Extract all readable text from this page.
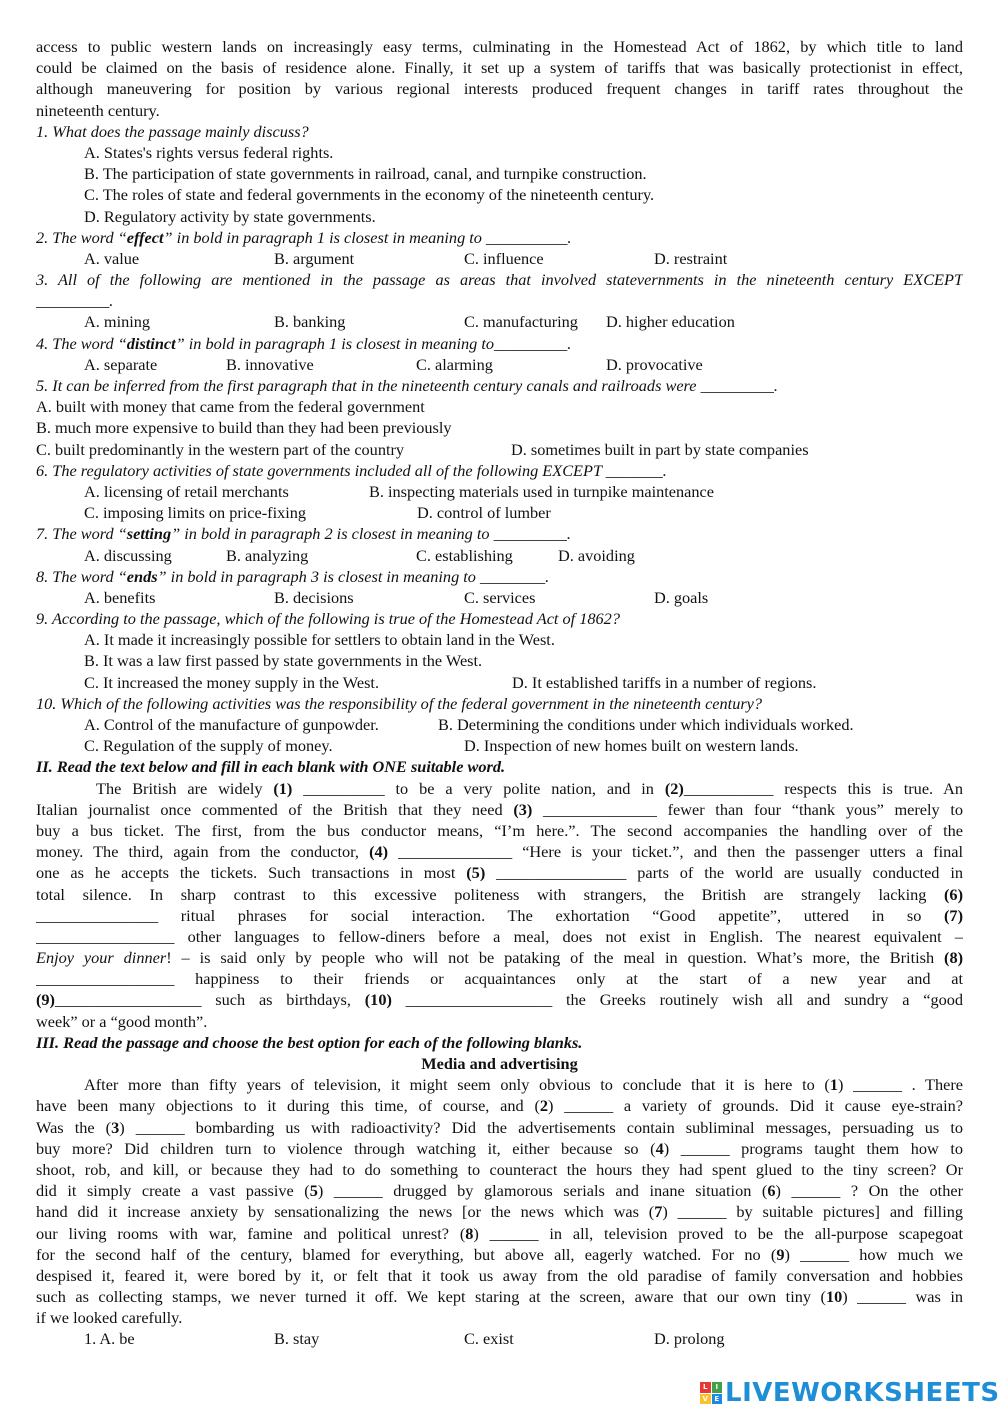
access to public western lands on increasingly easy terms, culminating in the Homestead Act of 1862, by which title to land
could be claimed on the basis of residence alone. Finally, it set up a system of tariffs that was basically protectionist in effect,
although maneuvering for position by various regional interests produced frequent changes in tariff rates throughout the
nineteenth century.
1. What does the passage mainly discuss?
A. States's rights versus federal rights.
B. The participation of state governments in railroad, canal, and turnpike construction.
C. The roles of state and federal governments in the economy of the nineteenth century.
D. Regulatory activity by state governments.
2. The word “effect” in bold in paragraph 1 is closest in meaning to __________.
A. value	B. argument	C. influence	D. restraint
3. All of the following are mentioned in the passage as areas that involved statevernments in the nineteenth century EXCEPT
_________.
A. mining	B. banking	C. manufacturing D. higher education
4. The word “distinct” in bold in paragraph 1 is closest in meaning to_________.
A. separate	B. innovative	C. alarming	D. provocative
5. It can be inferred from the first paragraph that in the nineteenth century canals and railroads were _________.
A. built with money that came from the federal government
B. much more expensive to build than they had been previously
C. built predominantly in the western part of the country	D. sometimes built in part by state companies
6. The regulatory activities of state governments included all of the following EXCEPT _______.
A. licensing of retail merchants	B. inspecting materials used in turnpike maintenance
C. imposing limits on price-fixing	D. control of lumber
7. The word “setting” in bold in paragraph 2 is closest in meaning to _________.
A. discussing	B. analyzing	C. establishing	D. avoiding
8. The word “ends” in bold in paragraph 3 is closest in meaning to ________.
A. benefits	B. decisions	C. services	D. goals
9. According to the passage, which of the following is true of the Homestead Act of 1862?
A. It made it increasingly possible for settlers to obtain land in the West.
B. It was a law first passed by state governments in the West.
C. It increased the money supply in the West.	D. It established tariffs in a number of regions.
10. Which of the following activities was the responsibility of the federal government in the nineteenth century?
A. Control of the manufacture of gunpowder.	B. Determining the conditions under which individuals worked.
C. Regulation of the supply of money.	D. Inspection of new homes built on western lands.
II. Read the text below and fill in each blank with ONE suitable word.
The British are widely (1) __________ to be a very polite nation, and in (2)___________ respects this is true. An
Italian journalist once commented of the British that they need (3) ______________ fewer than four “thank yous” merely to
buy a bus ticket. The first, from the bus conductor means, “I’m here.”. The second accompanies the handling over of the
money. The third, again from the conductor, (4) ______________ “Here is your ticket.”, and then the passenger utters a final
one as he accepts the tickets. Such transactions in most (5) ________________ parts of the world are usually conducted in
total silence. In sharp contrast to this excessive politeness with strangers, the British are strangely lacking (6)
_______________ ritual phrases for social interaction. The exhortation “Good appetite”, uttered in so (7)
_________________ other languages to fellow-diners before a meal, does not exist in English. The nearest equivalent –
Enjoy your dinner! – is said only by people who will not be pataking of the meal in question. What’s more, the British (8)
_________________ happiness to their friends or acquaintances only at the start of a new year and at
(9)__________________ such as birthdays, (10) __________________ the Greeks routinely wish all and sundry a “good
week” or a “good month”.
III. Read the passage and choose the best option for each of the following blanks.
Media and advertising
After more than fifty years of television, it might seem only obvious to conclude that it is here to (1) ______ . There
have been many objections to it during this time, of course, and (2) ______ a variety of grounds. Did it cause eye-strain?
Was the (3) ______ bombarding us with radioactivity? Did the advertisements contain subliminal messages, persuading us to
buy more? Did children turn to violence through watching it, either because so (4) ______ programs taught them how to
shoot, rob, and kill, or because they had to do something to counteract the hours they had spent glued to the tiny screen? Or
did it simply create a vast passive (5) ______ drugged by glamorous serials and inane situation (6) ______ ? On the other
hand did it increase anxiety by sensationalizing the news [or the news which was (7) ______ by suitable pictures] and filling
our living rooms with war, famine and political unrest? (8) ______ in all, television proved to be the all-purpose scapegoat
for the second half of the century, blamed for everything, but above all, eagerly watched. For no (9) ______ how much we
despised it, feared it, were bored by it, or felt that it took us away from the old paradise of family conversation and hobbies
such as collecting stamps, we never turned it off. We kept staring at the screen, aware that our own tiny (10) ______ was in
if we looked carefully.
1. A. be	B. stay	C. exist	D. prolong
L	I
V E LIVEWORKSHEETS
